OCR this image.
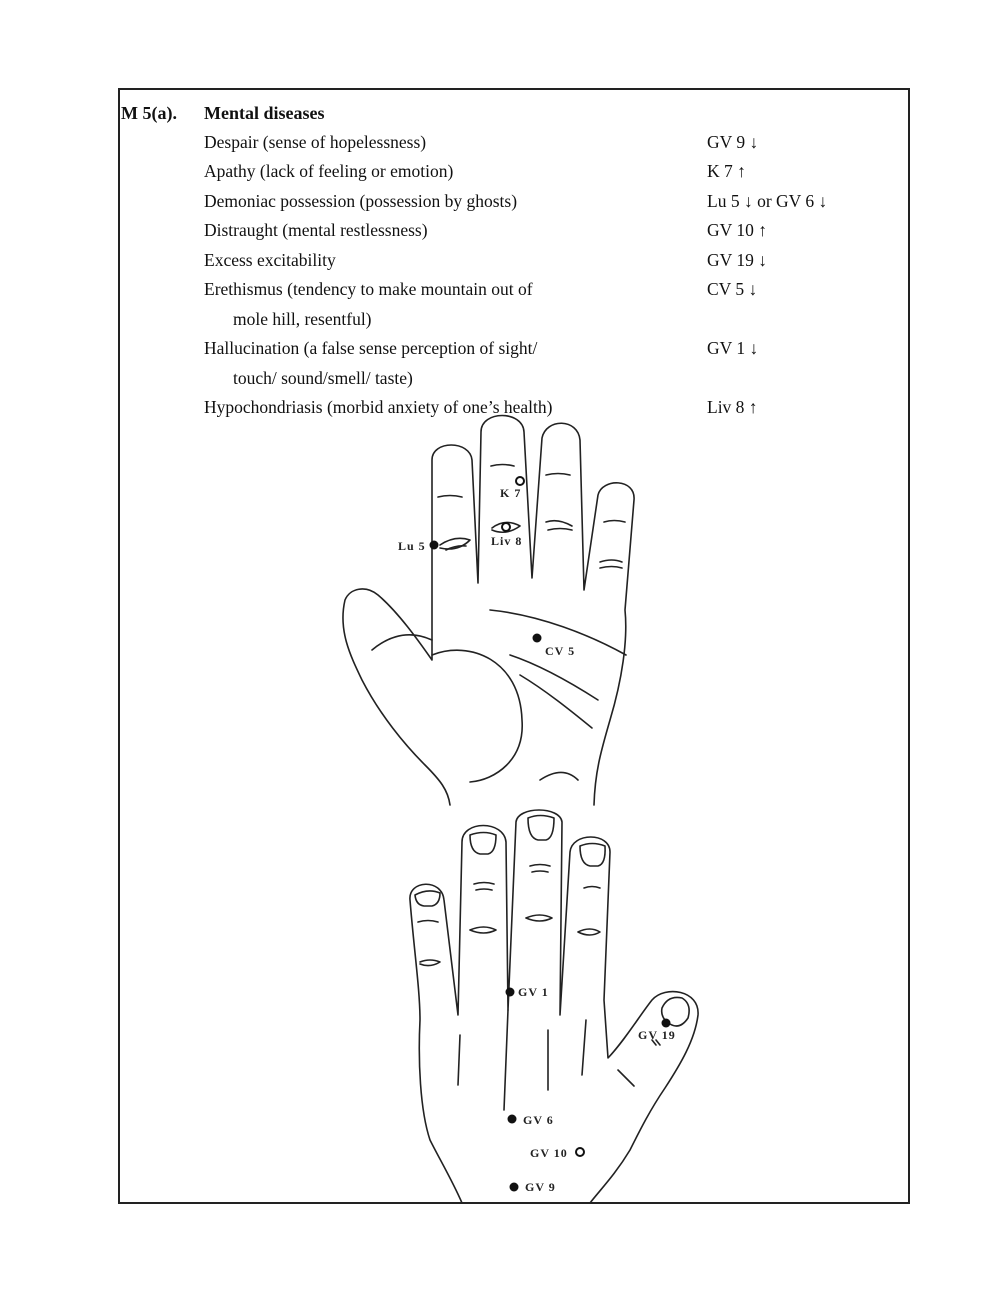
M 5(a). Mental diseases
Despair (sense of hopelessness)	GV 9 ↓
Apathy (lack of feeling or emotion)	K 7 ↑
Demoniac possession (possession by ghosts)	Lu 5 ↓ or GV 6 ↓
Distraught (mental restlessness)	GV 10 ↑
Excess excitability	GV 19 ↓
Erethismus (tendency to make mountain out of	CV 5 ↓
mole hill, resentful)
Hallucination (a false sense perception of sight/	GV 1 ↓
touch/ sound/smell/ taste)
Hypochondriasis (morbid anxiety of one’s health)	Liv 8 ↑
K 7
Liv 8
Lu 5
CV 5
GV 1
GV 19
GV 6
GV 10
GV 9
